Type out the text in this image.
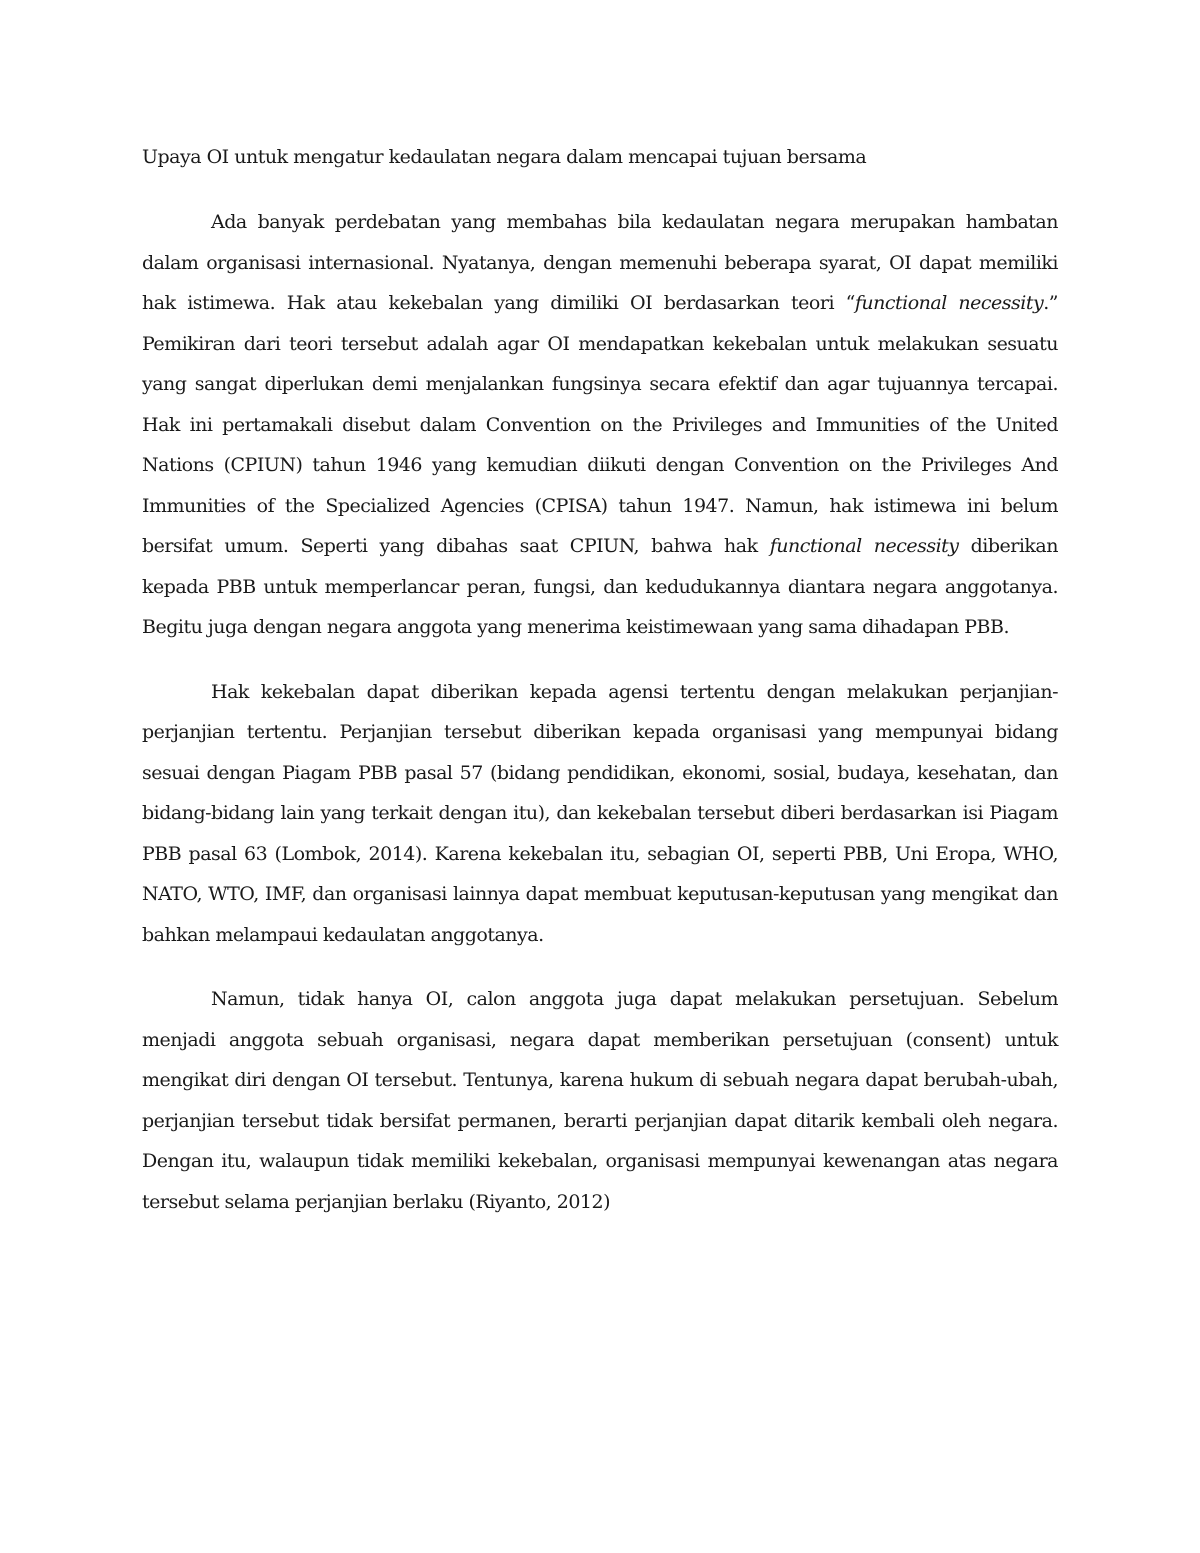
Upaya OI untuk mengatur kedaulatan negara dalam mencapai tujuan bersama

Ada banyak perdebatan yang membahas bila kedaulatan negara merupakan hambatan dalam organisasi internasional. Nyatanya, dengan memenuhi beberapa syarat, OI dapat memiliki hak istimewa. Hak atau kekebalan yang dimiliki OI berdasarkan teori “functional necessity.” Pemikiran dari teori tersebut adalah agar OI mendapatkan kekebalan untuk melakukan sesuatu yang sangat diperlukan demi menjalankan fungsinya secara efektif dan agar tujuannya tercapai. Hak ini pertamakali disebut dalam Convention on the Privileges and Immunities of the United Nations (CPIUN) tahun 1946 yang kemudian diikuti dengan Convention on the Privileges And Immunities of the Specialized Agencies (CPISA) tahun 1947. Namun, hak istimewa ini belum bersifat umum. Seperti yang dibahas saat CPIUN, bahwa hak functional necessity diberikan kepada PBB untuk memperlancar peran, fungsi, dan kedudukannya diantara negara anggotanya. Begitu juga dengan negara anggota yang menerima keistimewaan yang sama dihadapan PBB.

Hak kekebalan dapat diberikan kepada agensi tertentu dengan melakukan perjanjian-perjanjian tertentu. Perjanjian tersebut diberikan kepada organisasi yang mempunyai bidang sesuai dengan Piagam PBB pasal 57 (bidang pendidikan, ekonomi, sosial, budaya, kesehatan, dan bidang-bidang lain yang terkait dengan itu), dan kekebalan tersebut diberi berdasarkan isi Piagam PBB pasal 63 (Lombok, 2014). Karena kekebalan itu, sebagian OI, seperti PBB, Uni Eropa, WHO, NATO, WTO, IMF, dan organisasi lainnya dapat membuat keputusan-keputusan yang mengikat dan bahkan melampaui kedaulatan anggotanya.

Namun, tidak hanya OI, calon anggota juga dapat melakukan persetujuan. Sebelum menjadi anggota sebuah organisasi, negara dapat memberikan persetujuan (consent) untuk mengikat diri dengan OI tersebut. Tentunya, karena hukum di sebuah negara dapat berubah-ubah, perjanjian tersebut tidak bersifat permanen, berarti perjanjian dapat ditarik kembali oleh negara. Dengan itu, walaupun tidak memiliki kekebalan, organisasi mempunyai kewenangan atas negara tersebut selama perjanjian berlaku (Riyanto, 2012)
